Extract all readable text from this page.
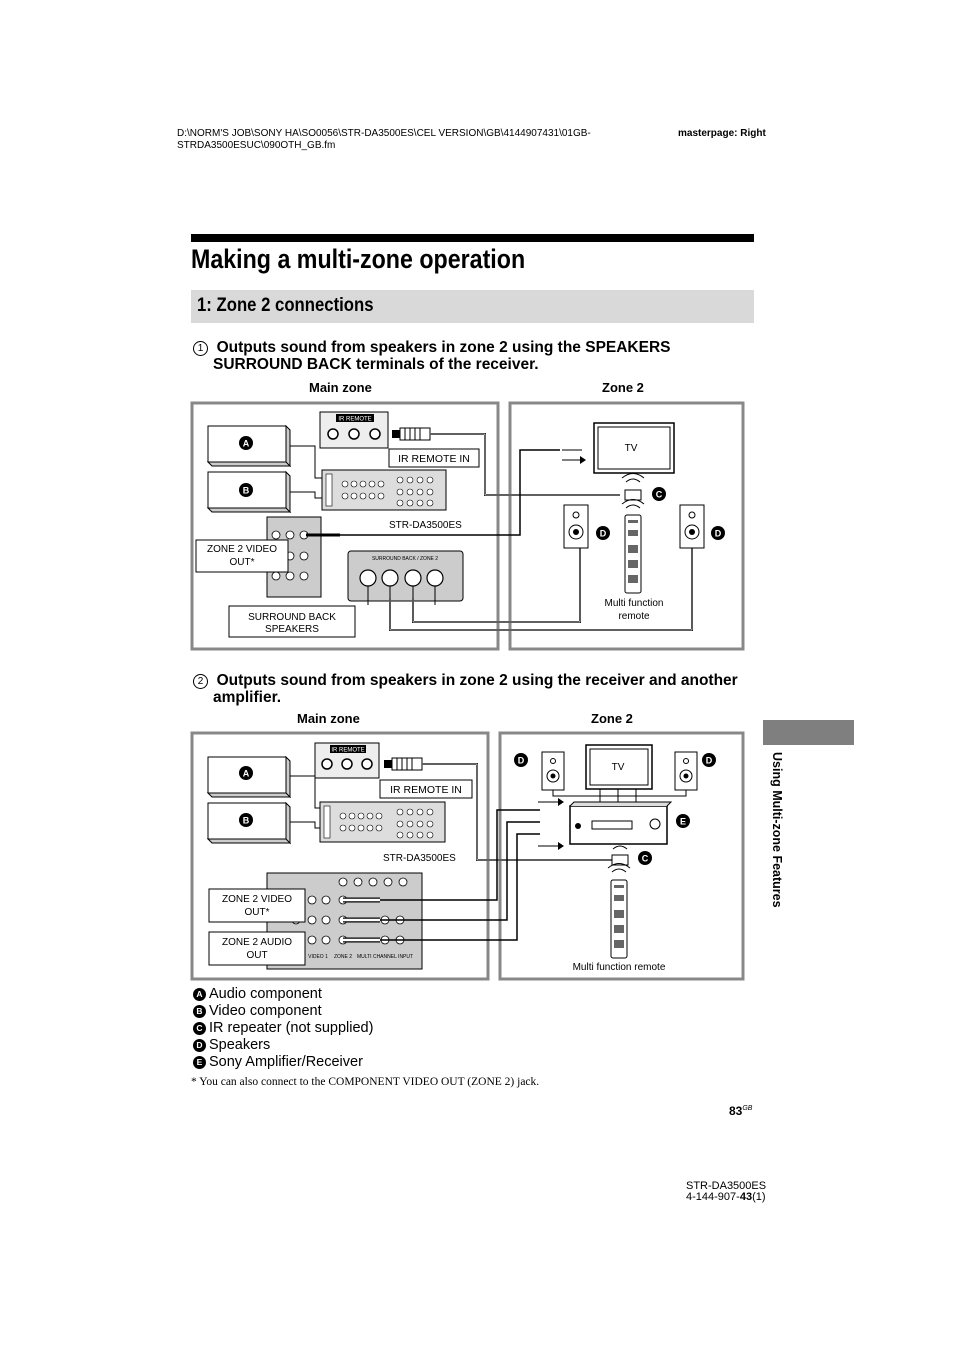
D:\NORM'S JOB\SONY HA\SO0056\STR-DA3500ES\CEL VERSION\GB\4144907431\01GB-
STRDA3500ESUC\090OTH_GB.fm
masterpage: Right
Making a multi-zone operation
1: Zone 2 connections
1 Outputs sound from speakers in zone 2 using the SPEAKERS
SURROUND BACK terminals of the receiver.
Main zone	Zone 2
IR REMOTE
IR REMOTE IN
A
B
STR-DA3500ES
ZONE 2 VIDEO
OUT*	SURROUND BACK / ZONE 2
SURROUND BACK
SPEAKERS
TV
C
D	D
Multi function
remote
2 Outputs sound from speakers in zone 2 using the receiver and another
amplifier.
Main zone	Zone 2
IR REMOTE
IR REMOTE IN
A
B
STR-DA3500ES
VIDEO 1 ZONE 2 MULTI CHANNEL INPUT
ZONE 2 VIDEO
OUT*
ZONE 2 AUDIO
OUT
TV
D	D
E
C
Multi function remote
A Audio component
B Video component
C IR repeater (not supplied)
D Speakers
E Sony Amplifier/Receiver
* You can also connect to the COMPONENT VIDEO OUT (ZONE 2) jack.
$83^{GB}$
Using Multi-zone Features
STR-DA3500ES
4-144-907-43(1)
